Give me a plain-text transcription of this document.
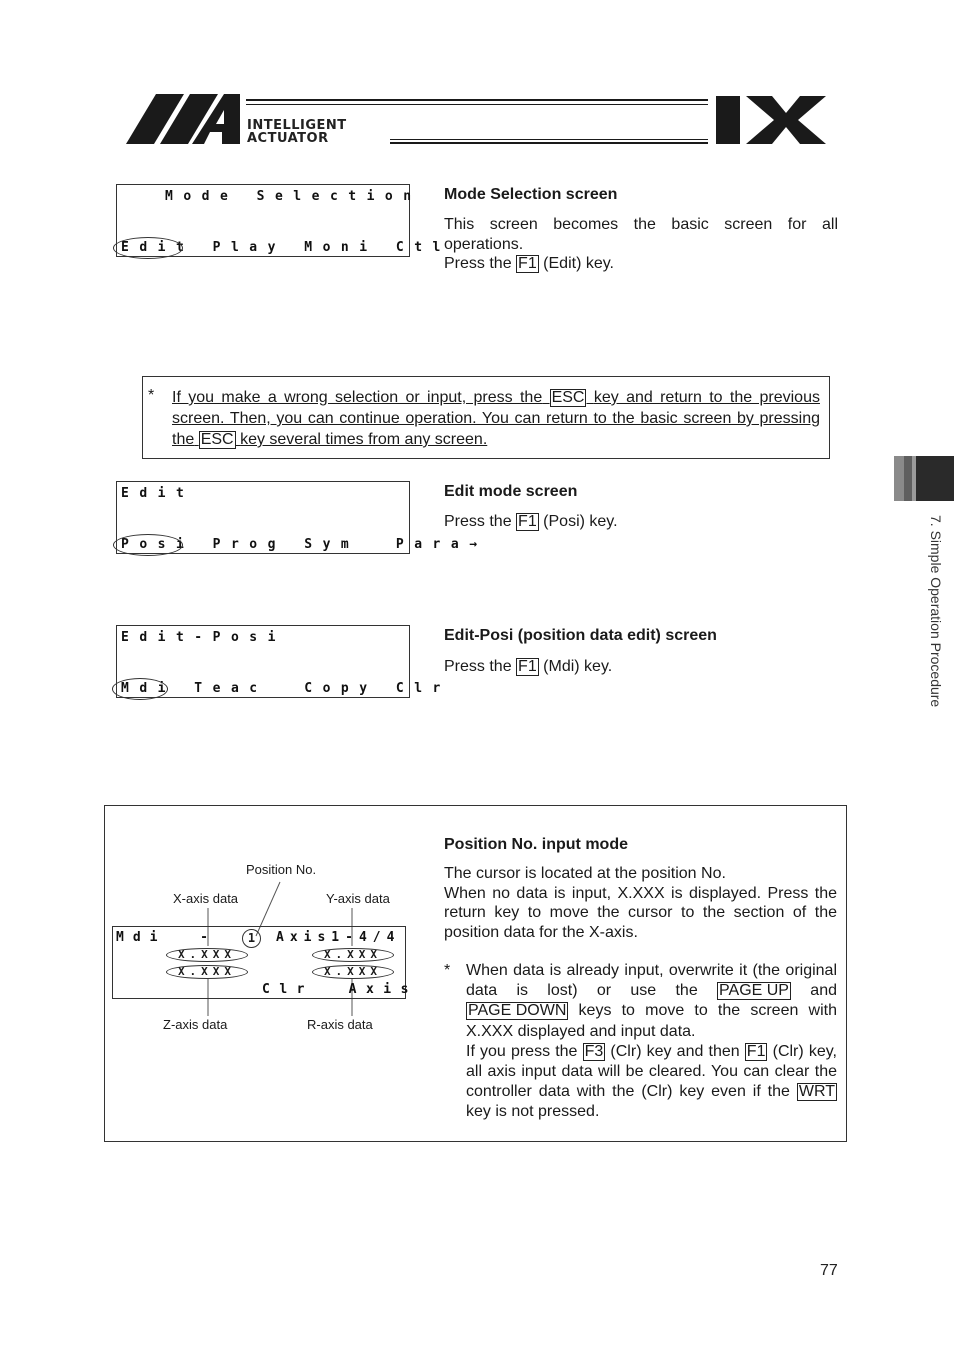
INTELLIGENT
ACTUATOR
Mode Selection
Edit Play Moni Ctl
Mode Selection screen
This screen becomes the basic screen for all operations.
Press the F1 (Edit) key.
* If you make a wrong selection or input, press the ESC key and return to the previous screen. Then, you can continue operation. You can return to the basic screen by pressing the ESC key several times from any screen.
Edit
Posi Prog Sym  Para→
Edit mode screen
Press the F1 (Posi) key.
Edit-Posi
Mdi Teac  Copy Clr
Edit-Posi (position data edit) screen
Press the F1 (Mdi) key.
Position No.
X-axis data	Y-axis data
Z-axis data	R-axis data
Mdi  -	1	Axis1-4/4
X.XXX	X.XXX
X.XXX	X.XXX
Clr  Axis
Position No. input mode
The cursor is located at the position No.
When no data is input, X.XXX is displayed. Press the return key to move the cursor to the section of the position data for the X-axis.
* When data is already input, overwrite it (the original data is lost) or use the PAGE UP and PAGE DOWN keys to move to the screen with X.XXX displayed and input data.
If you press the F3 (Clr) key and then F1 (Clr) key, all axis input data will be cleared. You can clear the controller data with the (Clr) key even if the WRT key is not pressed.
7. Simple Operation Procedure
77
